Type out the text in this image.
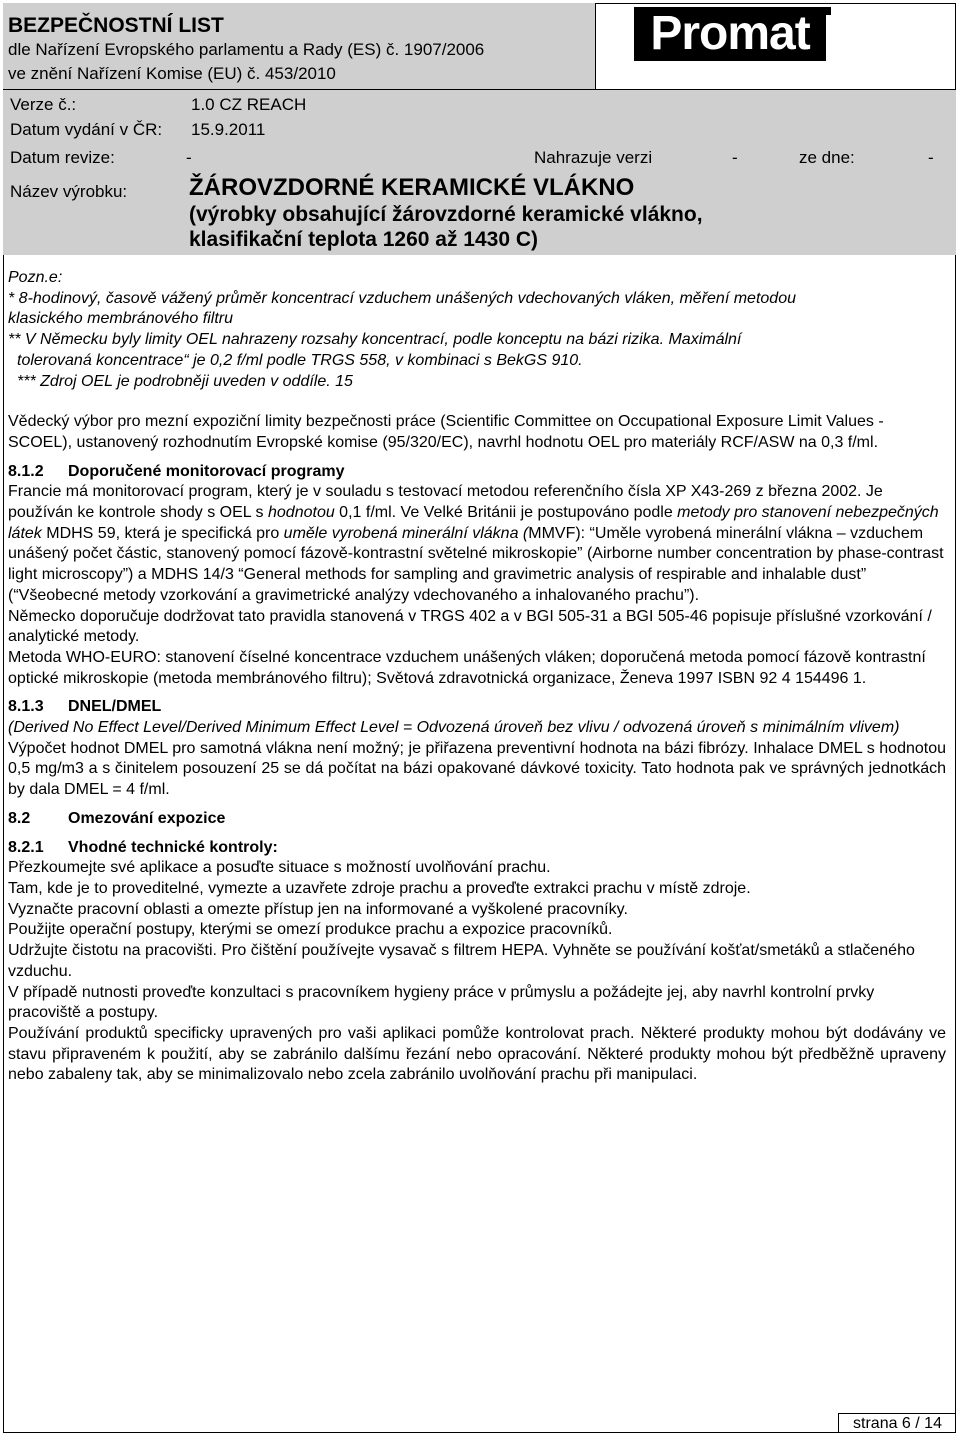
BEZPEČNOSTNÍ LIST
dle Nařízení Evropského parlamentu a Rady (ES) č. 1907/2006
ve znění Nařízení Komise (EU) č. 453/2010
Promat
Verze č.:	1.0 CZ REACH
Datum vydání v ČR: 15.9.2011
Datum revize:	-	Nahrazuje verzi	-	ze dne:	-
Název výrobku:	ŽÁROVZDORNÉ KERAMICKÉ VLÁKNO
(výrobky obsahující žárovzdorné keramické vlákno,
klasifikační teplota 1260 až 1430 C)

Pozn.e:

* 8-hodinový, časově vážený průměr koncentrací vzduchem unášených vdechovaných vláken, měření metodou

klasického membránového filtru

** V Německu byly limity OEL nahrazeny rozsahy koncentrací, podle konceptu na bázi rizika. Maximální

tolerovaná koncentrace“ je 0,2 f/ml podle TRGS 558, v kombinaci s BekGS 910.

*** Zdroj OEL je podrobněji uveden v oddíle. 15

Vědecký výbor pro mezní expoziční limity bezpečnosti práce (Scientific Committee on Occupational Exposure Limit Values - SCOEL), ustanovený rozhodnutím Evropské komise (95/320/EC), navrhl hodnotu OEL pro materiály RCF/ASW na 0,3 f/ml.

8.1.2 Doporučené monitorovací programy

Francie má monitorovací program, který je v souladu s testovací metodou referenčního čísla XP X43-269 z března 2002. Je používán ke kontrole shody s OEL s hodnotou 0,1 f/ml. Ve Velké Británii je postupováno podle metody pro stanovení nebezpečných látek MDHS 59, která je specifická pro uměle vyrobená minerální vlákna (MMVF): “Uměle vyrobená minerální vlákna – vzduchem unášený počet částic, stanovený pomocí fázově-kontrastní světelné mikroskopie” (Airborne number concentration by phase-contrast light microscopy”) a MDHS 14/3 “General methods for sampling and gravimetric analysis of respirable and inhalable dust” (“Všeobecné metody vzorkování a gravimetrické analýzy vdechovaného a inhalovaného prachu”).

Německo doporučuje dodržovat tato pravidla stanovená v TRGS 402 a v BGI 505-31 a BGI 505-46 popisuje příslušné vzorkování / analytické metody.

Metoda WHO-EURO: stanovení číselné koncentrace vzduchem unášených vláken; doporučená metoda pomocí fázově kontrastní optické mikroskopie (metoda membránového filtru); Světová zdravotnická organizace, Ženeva 1997 ISBN 92 4 154496 1.

8.1.3 DNEL/DMEL

(Derived No Effect Level/Derived Minimum Effect Level = Odvozená úroveň bez vlivu / odvozená úroveň s minimálním vlivem)

Výpočet hodnot DMEL pro samotná vlákna není možný; je přiřazena preventivní hodnota na bázi fibrózy. Inhalace DMEL s hodnotou 0,5 mg/m3 a s činitelem posouzení 25 se dá počítat na bázi opakované dávkové toxicity. Tato hodnota pak ve správných jednotkách by dala DMEL = 4 f/ml.

8.2 Omezování expozice

8.2.1 Vhodné technické kontroly:

Přezkoumejte své aplikace a posuďte situace s možností uvolňování prachu.

Tam, kde je to proveditelné, vymezte a uzavřete zdroje prachu a proveďte extrakci prachu v místě zdroje.

Vyznačte pracovní oblasti a omezte přístup jen na informované a vyškolené pracovníky.

Použijte operační postupy, kterými se omezí produkce prachu a expozice pracovníků.

Udržujte čistotu na pracovišti. Pro čištění používejte vysavač s filtrem HEPA. Vyhněte se používání košťat/smetáků a stlačeného vzduchu.

V případě nutnosti proveďte konzultaci s pracovníkem hygieny práce v průmyslu a požádejte jej, aby navrhl kontrolní prvky pracoviště a postupy.

Používání produktů specificky upravených pro vaši aplikaci pomůže kontrolovat prach. Některé produkty mohou být dodávány ve stavu připraveném k použití, aby se zabránilo dalšímu řezání nebo opracování. Některé produkty mohou být předběžně upraveny nebo zabaleny tak, aby se minimalizovalo nebo zcela zabránilo uvolňování prachu při manipulaci.

strana 6 / 14
